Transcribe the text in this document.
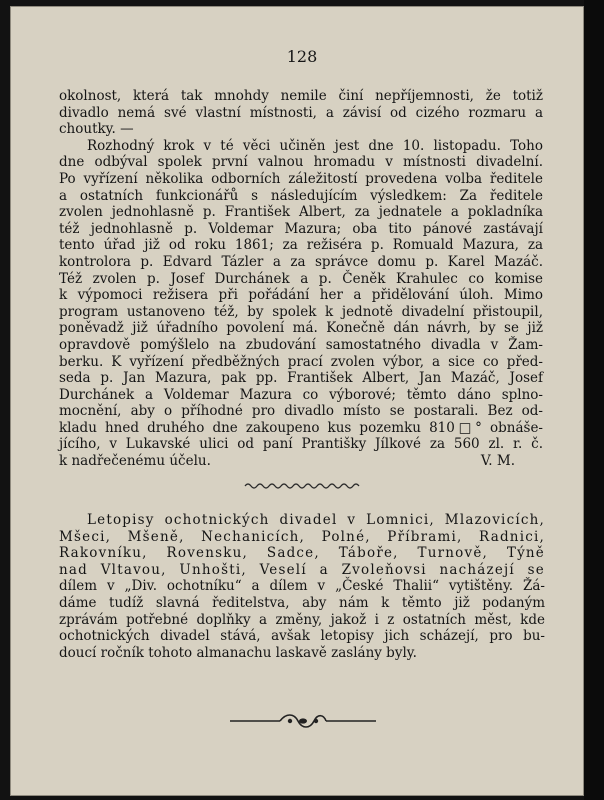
128
okolnost, která tak mnohdy nemile činí nepříjemnosti, že totiž
divadlo nemá své vlastní místnosti, a závisí od cizého rozmaru a
choutky. —
Rozhodný krok v té věci učiněn jest dne 10. listopadu. Toho
dne odbýval spolek první valnou hromadu v místnosti divadelní.
Po vyřízení několika odborních záležitostí provedena volba ředitele
a ostatních funkcionářů s následujícím výsledkem: Za ředitele
zvolen jednohlasně p. František Albert, za jednatele a pokladníka
též jednohlasně p. Voldemar Mazura; oba tito pánové zastávají
tento úřad již od roku 1861; za režiséra p. Romuald Mazura, za
kontrolora p. Edvard Tázler a za správce domu p. Karel Mazáč.
Též zvolen p. Josef Durchánek a p. Čeněk Krahulec co komise
k výpomoci režisera při pořádání her a přidělování úloh. Mimo
program ustanoveno též, by spolek k jednotě divadelní přistoupil,
poněvadž již úřadního povolení má. Konečně dán návrh, by se již
opravdově pomýšlelo na zbudování samostatného divadla v Žam-
berku. K vyřízení předběžných prací zvolen výbor, a sice co před-
seda p. Jan Mazura, pak pp. František Albert, Jan Mazáč, Josef
Durchánek a Voldemar Mazura co výborové; těmto dáno splno-
mocnění, aby o příhodné pro divadlo místo se postarali. Bez od-
kladu hned druhého dne zakoupeno kus pozemku 810□° obnáše-
jícího, v Lukavské ulici od paní Prantišky Jílkové za 560 zl. r. č.
k nadřečenému účelu.	V. M.
Letopisy ochotnických divadel v Lomnici, Mlazovicích,
Mšeci, Mšeně, Nechanicích, Polné, Příbrami, Radnici,
Rakovníku, Rovensku, Sadce, Táboře, Turnově, Týně
nad Vltavou, Unhošti, Veselí a Zvoleňovsi nacházejí se
dílem v „Div. ochotníku“ a dílem v „České Thalii“ vytištěny. Žá-
dáme tudíž slavná ředitelstva, aby nám k těmto již podaným
zprávám potřebné doplňky a změny, jakož i z ostatních měst, kde
ochotnických divadel stává, avšak letopisy jich scházejí, pro bu-
doucí ročník tohoto almanachu laskavě zaslány byly.
